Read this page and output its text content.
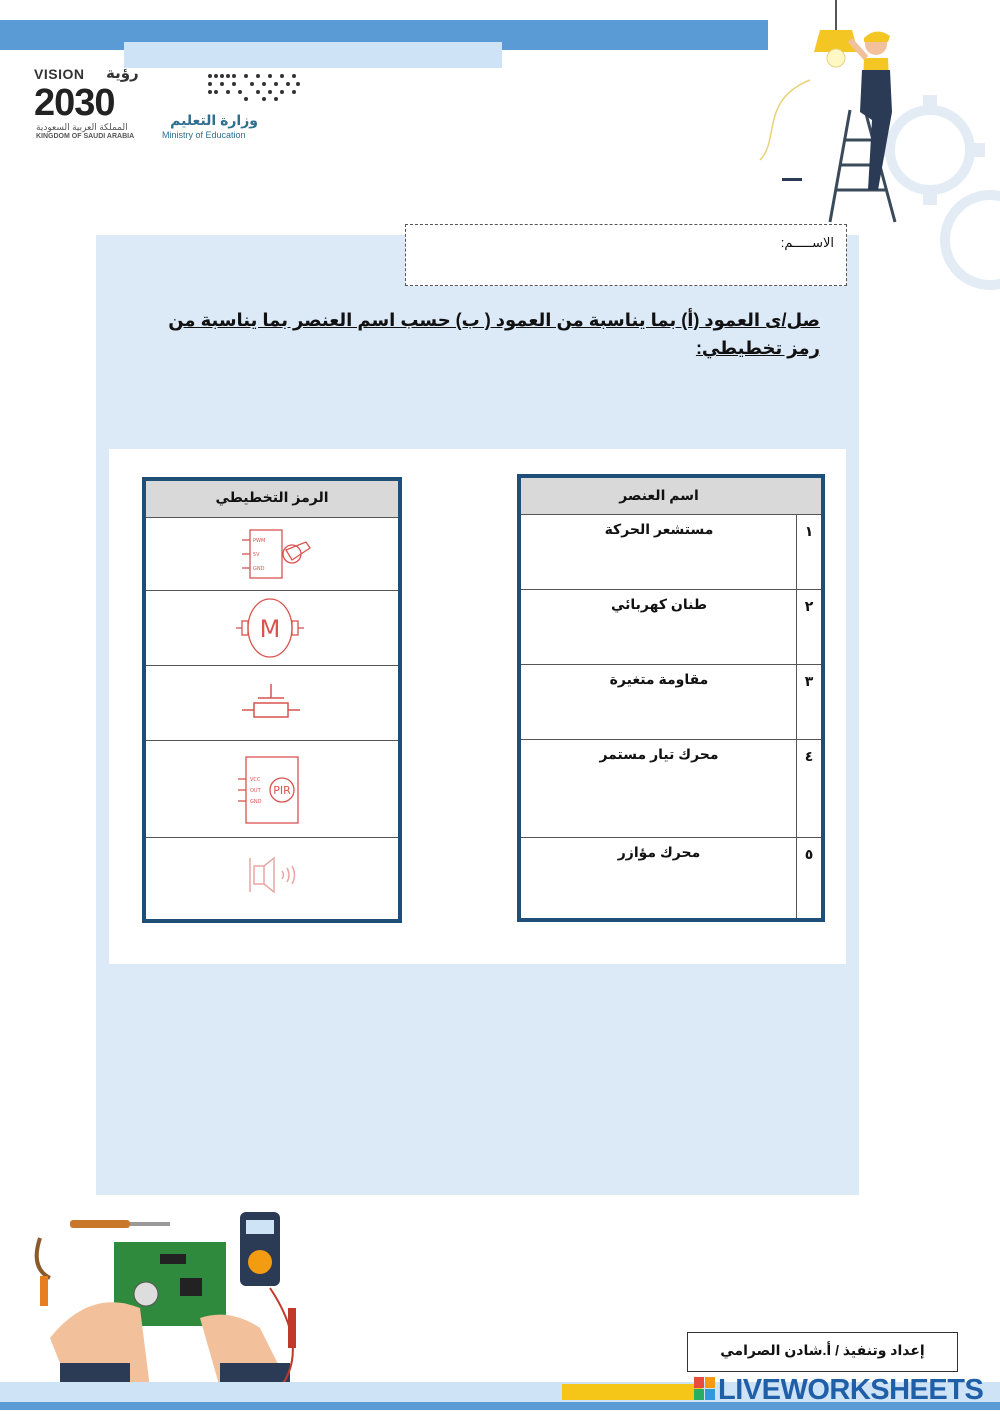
VISION رؤية
2030
المملكة العربية السعودية
KINGDOM OF SAUDI ARABIA
وزارة التعليم
Ministry of Education
الاســـــم:
صل/ى العمود (أ) بما يناسبة من العمود ( ب) حسب اسم العنصر بما يناسبة من رمز تخطيطي:
الرمز التخطيطي
PWM
5V
GND
M
PIR
VCC
OUT
GND
اسم العنصر
١
مستشعر الحركة
٢
طنان كهربائي
٣
مقاومة متغيرة
٤
محرك تيار مستمر
٥
محرك مؤازر
إعداد وتنفيذ / أ.شادن الصرامي
LIVEWORKSHEETS
